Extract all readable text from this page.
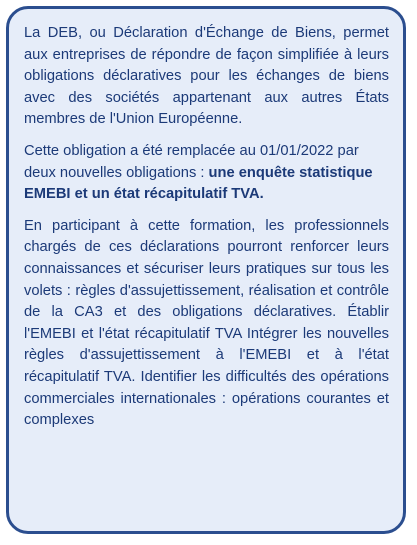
La DEB, ou Déclaration d'Échange de Biens, permet aux entreprises de répondre de façon simplifiée à leurs obligations déclaratives pour les échanges de biens avec des sociétés appartenant aux autres États membres de l'Union Européenne.

Cette obligation a été remplacée au 01/01/2022 par deux nouvelles obligations : une enquête statistique EMEBI et un état récapitulatif TVA.

En participant à cette formation, les professionnels chargés de ces déclarations pourront renforcer leurs connaissances et sécuriser leurs pratiques sur tous les volets : règles d'assujettissement, réalisation et contrôle de la CA3 et des obligations déclaratives. Établir l'EMEBI et l'état récapitulatif TVA Intégrer les nouvelles règles d'assujettissement à l'EMEBI et à l'état récapitulatif TVA. Identifier les difficultés des opérations commerciales internationales : opérations courantes et complexes
